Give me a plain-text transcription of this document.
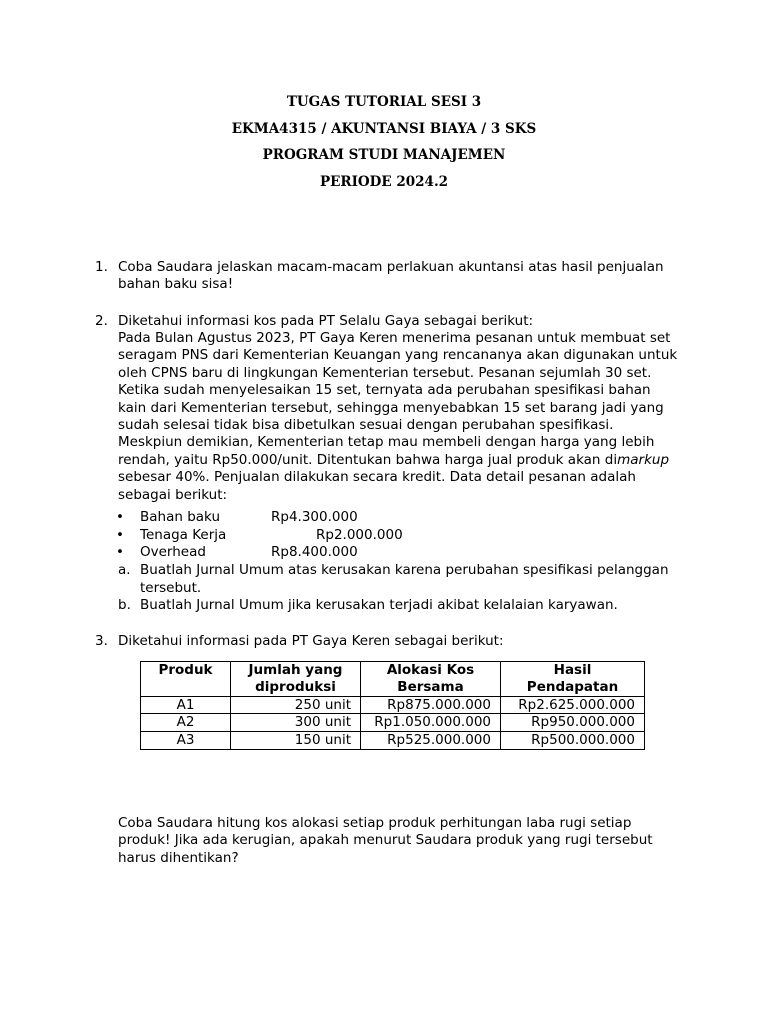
TUGAS TUTORIAL SESI 3
EKMA4315 / AKUNTANSI BIAYA / 3 SKS
PROGRAM STUDI MANAJEMEN
PERIODE 2024.2
1. Coba Saudara jelaskan macam-macam perlakuan akuntansi atas hasil penjualan
bahan baku sisa!
2. Diketahui informasi kos pada PT Selalu Gaya sebagai berikut:

Pada Bulan Agustus 2023, PT Gaya Keren menerima pesanan untuk membuat set

seragam PNS dari Kementerian Keuangan yang rencananya akan digunakan untuk

oleh CPNS baru di lingkungan Kementerian tersebut. Pesanan sejumlah 30 set.

Ketika sudah menyelesaikan 15 set, ternyata ada perubahan spesifikasi bahan

kain dari Kementerian tersebut, sehingga menyebabkan 15 set barang jadi yang

sudah selesai tidak bisa dibetulkan sesuai dengan perubahan spesifikasi.

Meskpiun demikian, Kementerian tetap mau membeli dengan harga yang lebih

rendah, yaitu Rp50.000/unit. Ditentukan bahwa harga jual produk akan dimarkup

sebesar 40%. Penjualan dilakukan secara kredit. Data detail pesanan adalah

sebagai berikut:

• Bahan baku	Rp4.300.000
• Tenaga Kerja	Rp2.000.000
• Overhead	Rp8.400.000
a. Buatlah Jurnal Umum atas kerusakan karena perubahan spesifikasi pelanggan
tersebut.
b. Buatlah Jurnal Umum jika kerusakan terjadi akibat kelalaian karyawan.
3. Diketahui informasi pada PT Gaya Keren sebagai berikut:
Produk	Jumlah yang diproduksi	Alokasi Kos Bersama	Hasil Pendapatan
A1	250 unit	Rp875.000.000	Rp2.625.000.000
A2	300 unit	Rp1.050.000.000	Rp950.000.000
A3	150 unit	Rp525.000.000	Rp500.000.000

Coba Saudara hitung kos alokasi setiap produk perhitungan laba rugi setiap

produk! Jika ada kerugian, apakah menurut Saudara produk yang rugi tersebut

harus dihentikan?
